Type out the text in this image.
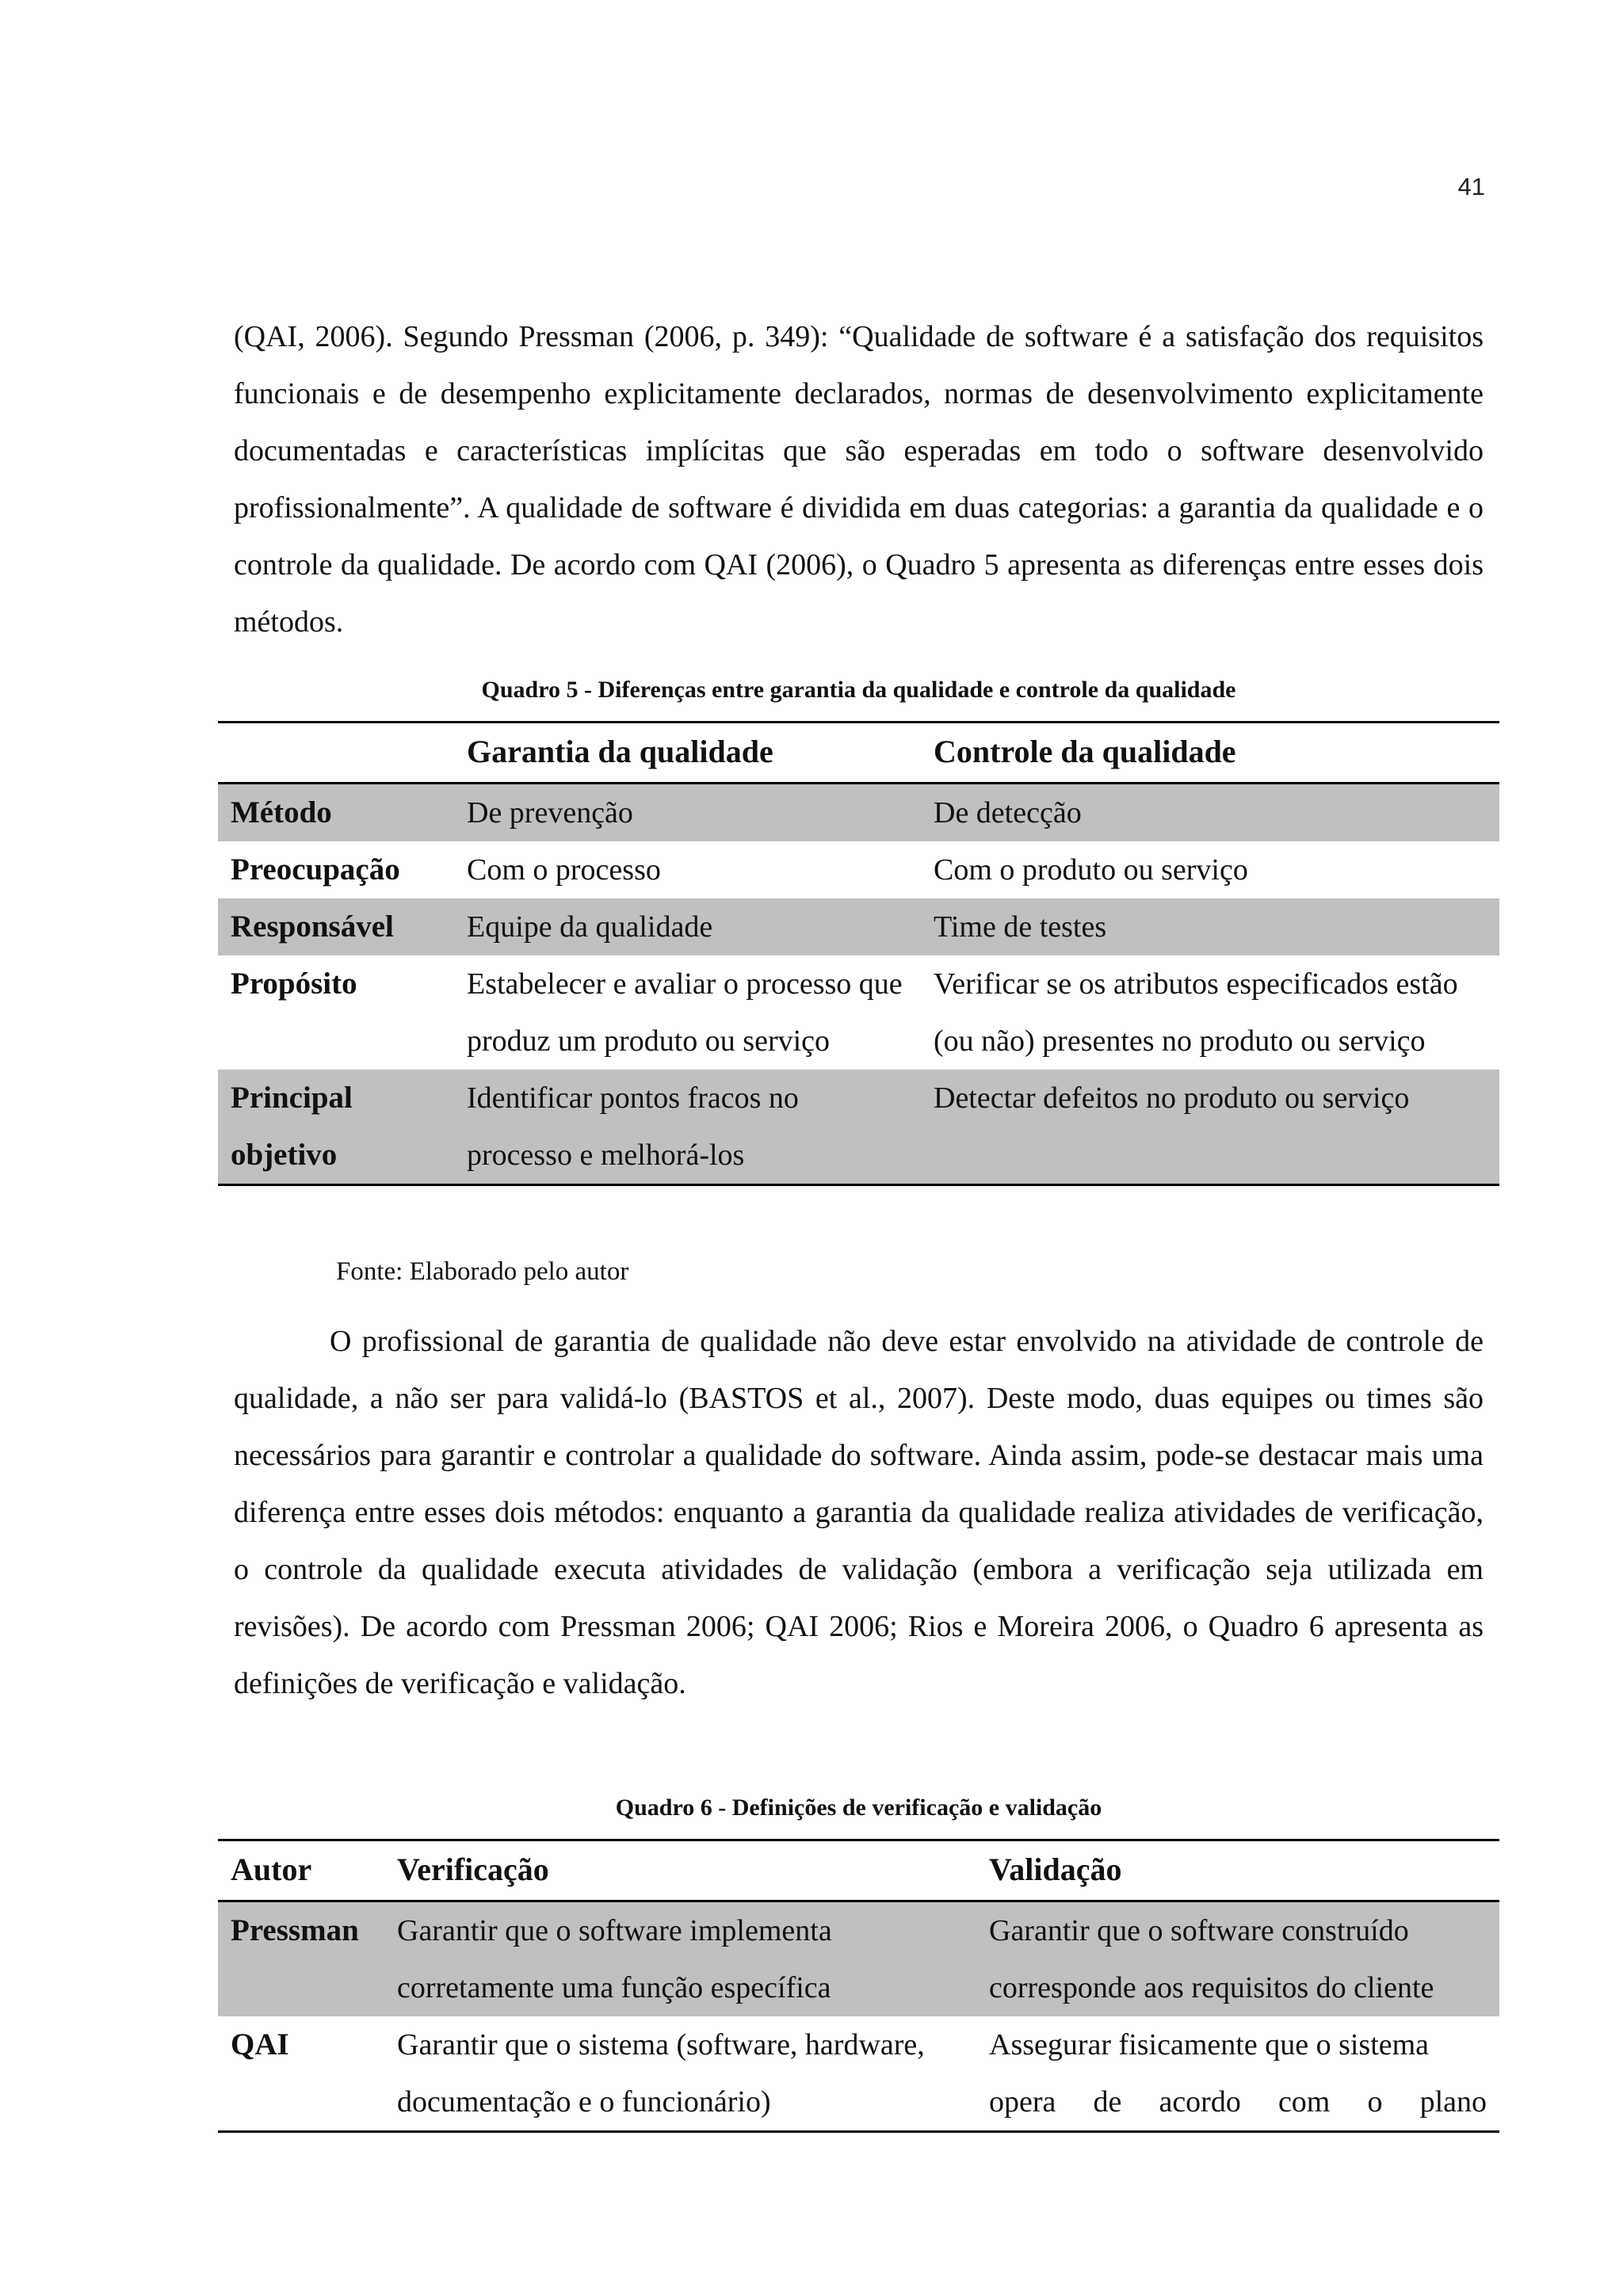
41

(QAI, 2006). Segundo Pressman (2006, p. 349): “Qualidade de software é a satisfação dos requisitos funcionais e de desempenho explicitamente declarados, normas de desenvolvimento explicitamente documentadas e características implícitas que são esperadas em todo o software desenvolvido profissionalmente”. A qualidade de software é dividida em duas categorias: a garantia da qualidade e o controle da qualidade. De acordo com QAI (2006), o Quadro 5 apresenta as diferenças entre esses dois métodos.

Quadro 5 - Diferenças entre garantia da qualidade e controle da qualidade
	Garantia da qualidade	Controle da qualidade
Método	De prevenção	De detecção
Preocupação	Com o processo	Com o produto ou serviço
Responsável	Equipe da qualidade	Time de testes
Propósito	Estabelecer e avaliar o processo que produz um produto ou serviço	Verificar se os atributos especificados estão (ou não) presentes no produto ou serviço
Principal objetivo	Identificar pontos fracos no processo e melhorá-los	Detectar defeitos no produto ou serviço
Fonte: Elaborado pelo autor

O profissional de garantia de qualidade não deve estar envolvido na atividade de controle de qualidade, a não ser para validá-lo (BASTOS et al., 2007). Deste modo, duas equipes ou times são necessários para garantir e controlar a qualidade do software. Ainda assim, pode-se destacar mais uma diferença entre esses dois métodos: enquanto a garantia da qualidade realiza atividades de verificação, o controle da qualidade executa atividades de validação (embora a verificação seja utilizada em revisões). De acordo com Pressman 2006; QAI 2006; Rios e Moreira 2006, o Quadro 6 apresenta as definições de verificação e validação.

Quadro 6 - Definições de verificação e validação
Autor	Verificação	Validação
Pressman	Garantir que o software implementa corretamente uma função específica	Garantir que o software construído corresponde aos requisitos do cliente
QAI	Garantir que o sistema (software, hardware, documentação e o funcionário)	Assegurar fisicamente que o sistema opera de acordo com o plano
